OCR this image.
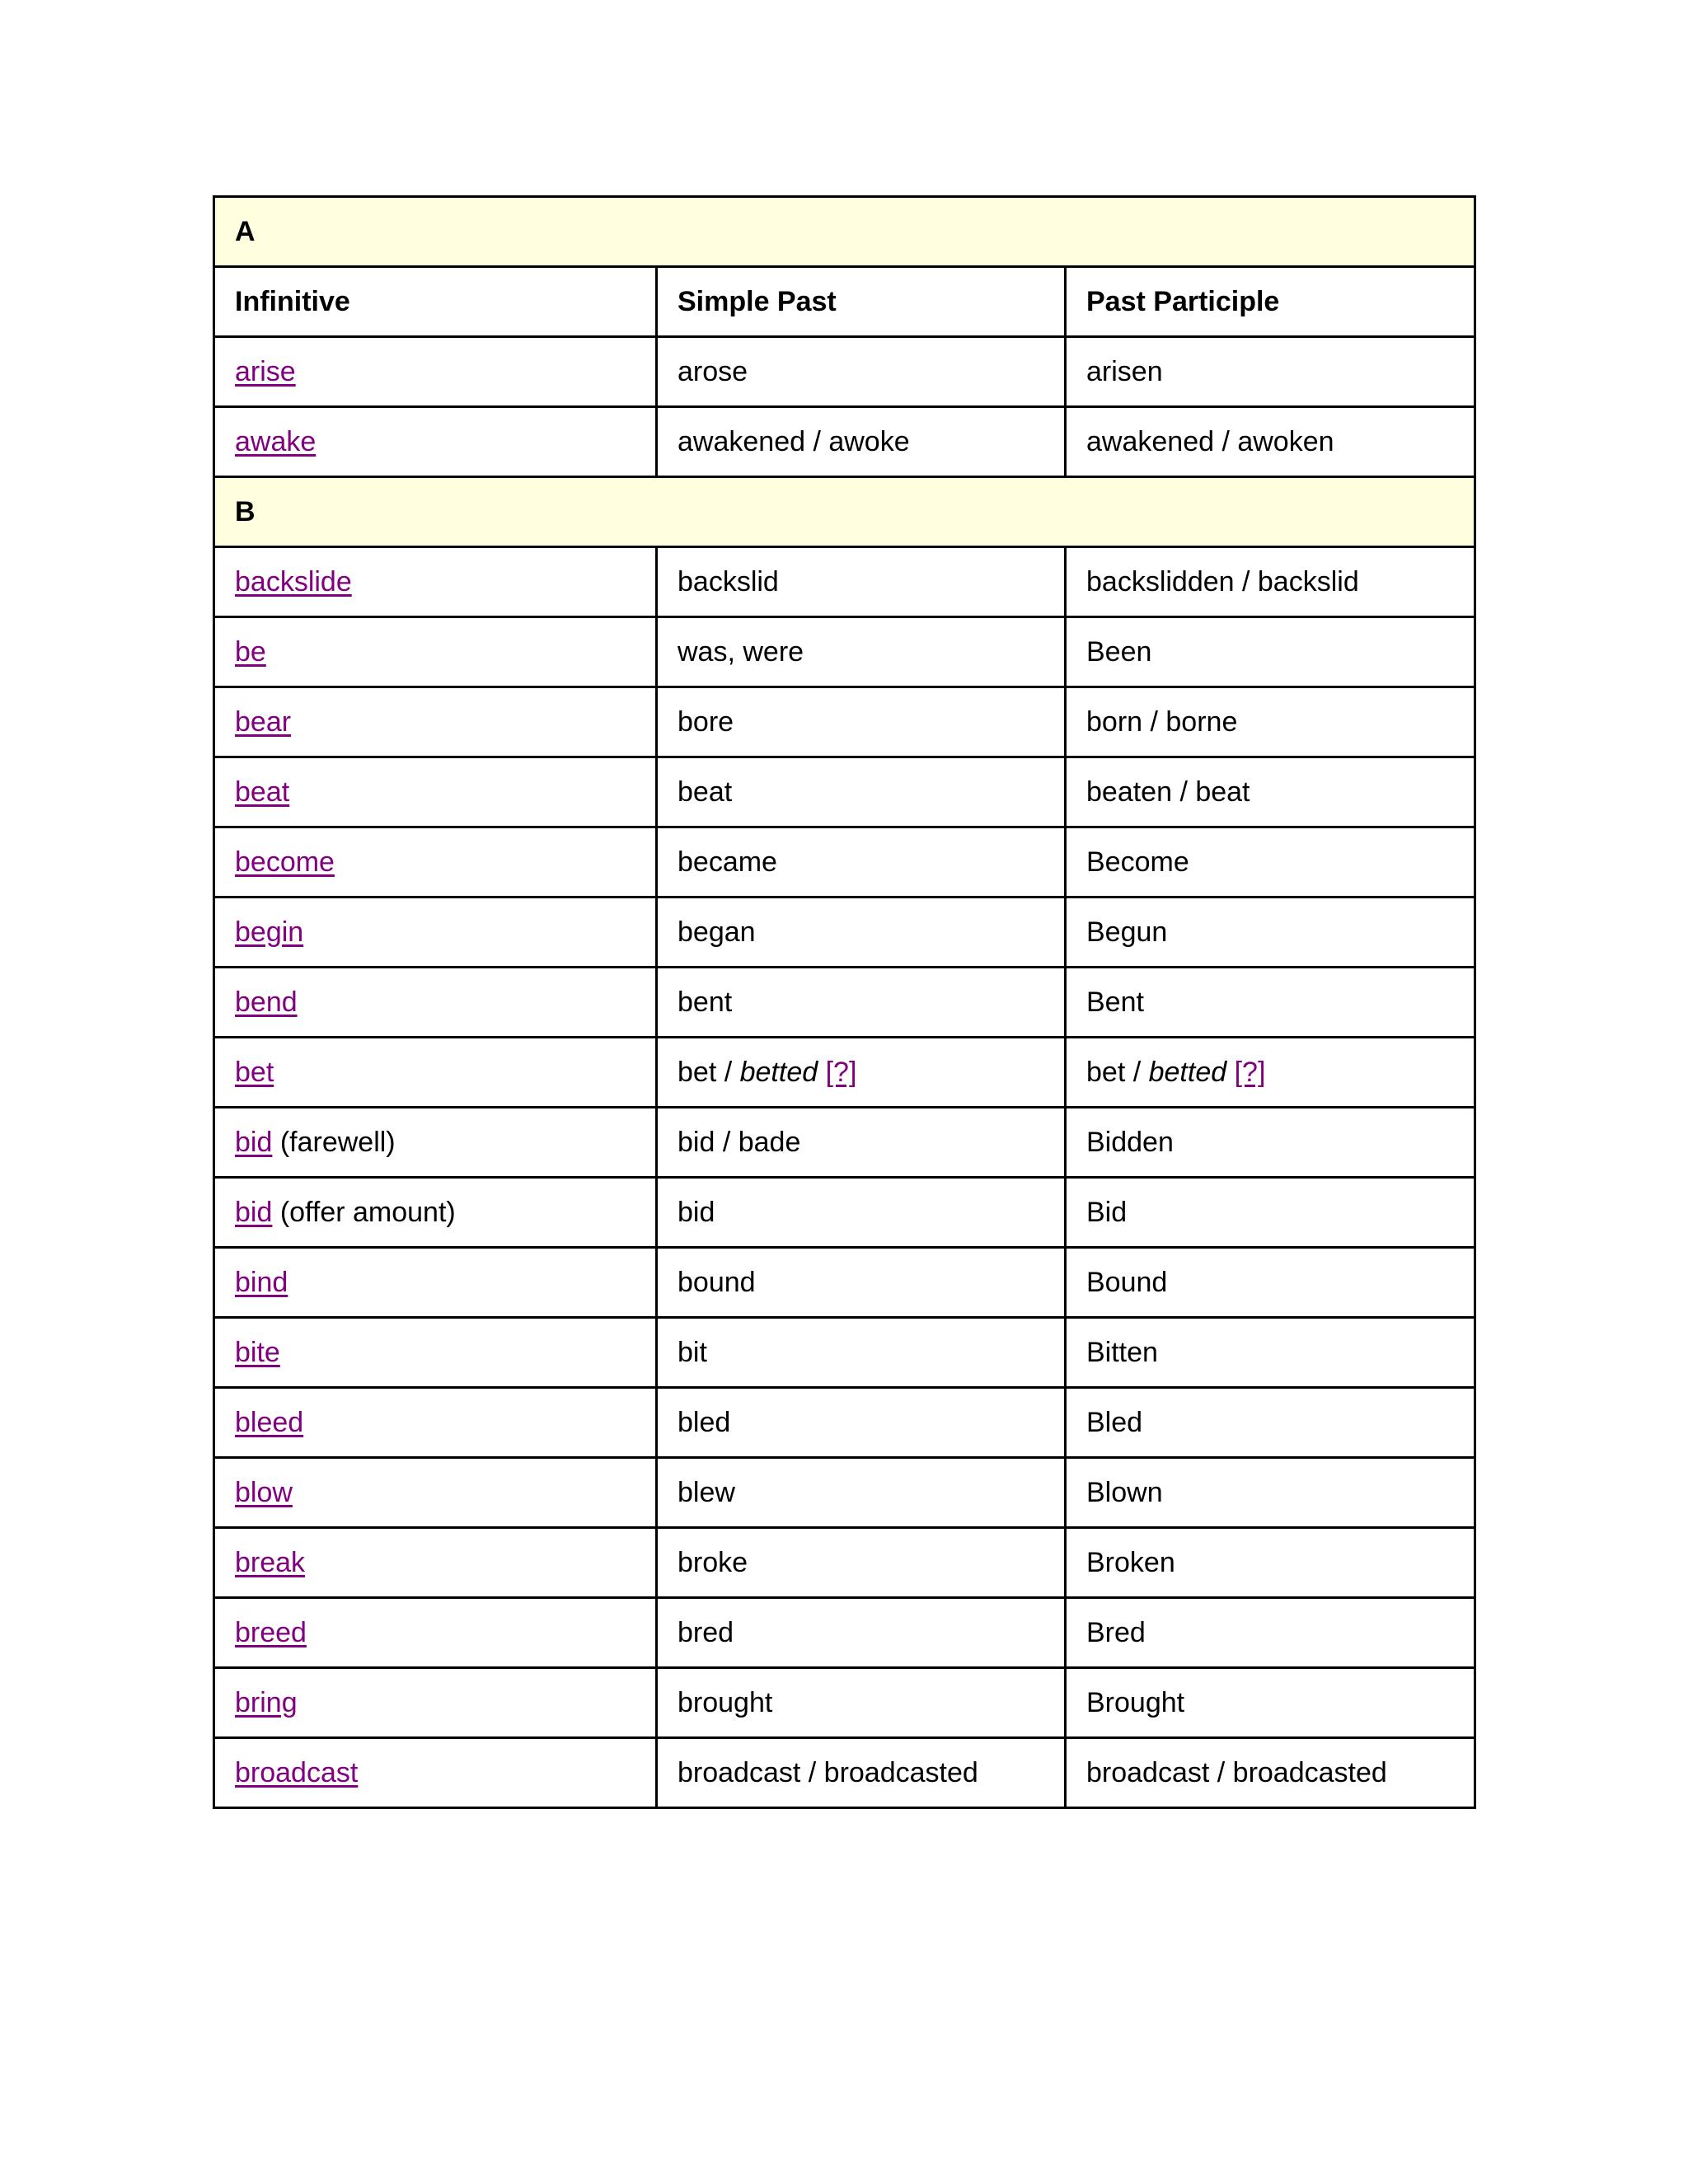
A		
Infinitive	Simple Past	Past Participle
arise	arose	arisen
awake	awakened / awoke	awakened / awoken
B		
backslide	backslid	backslidden / backslid
be	was, were	Been
bear	bore	born / borne
beat	beat	beaten / beat
become	became	Become
begin	began	Begun
bend	bent	Bent
bet	bet / betted [?]	bet / betted [?]
bid (farewell)	bid / bade	Bidden
bid (offer amount)	bid	Bid
bind	bound	Bound
bite	bit	Bitten
bleed	bled	Bled
blow	blew	Blown
break	broke	Broken
breed	bred	Bred
bring	brought	Brought
broadcast	broadcast / broadcasted	broadcast / broadcasted
